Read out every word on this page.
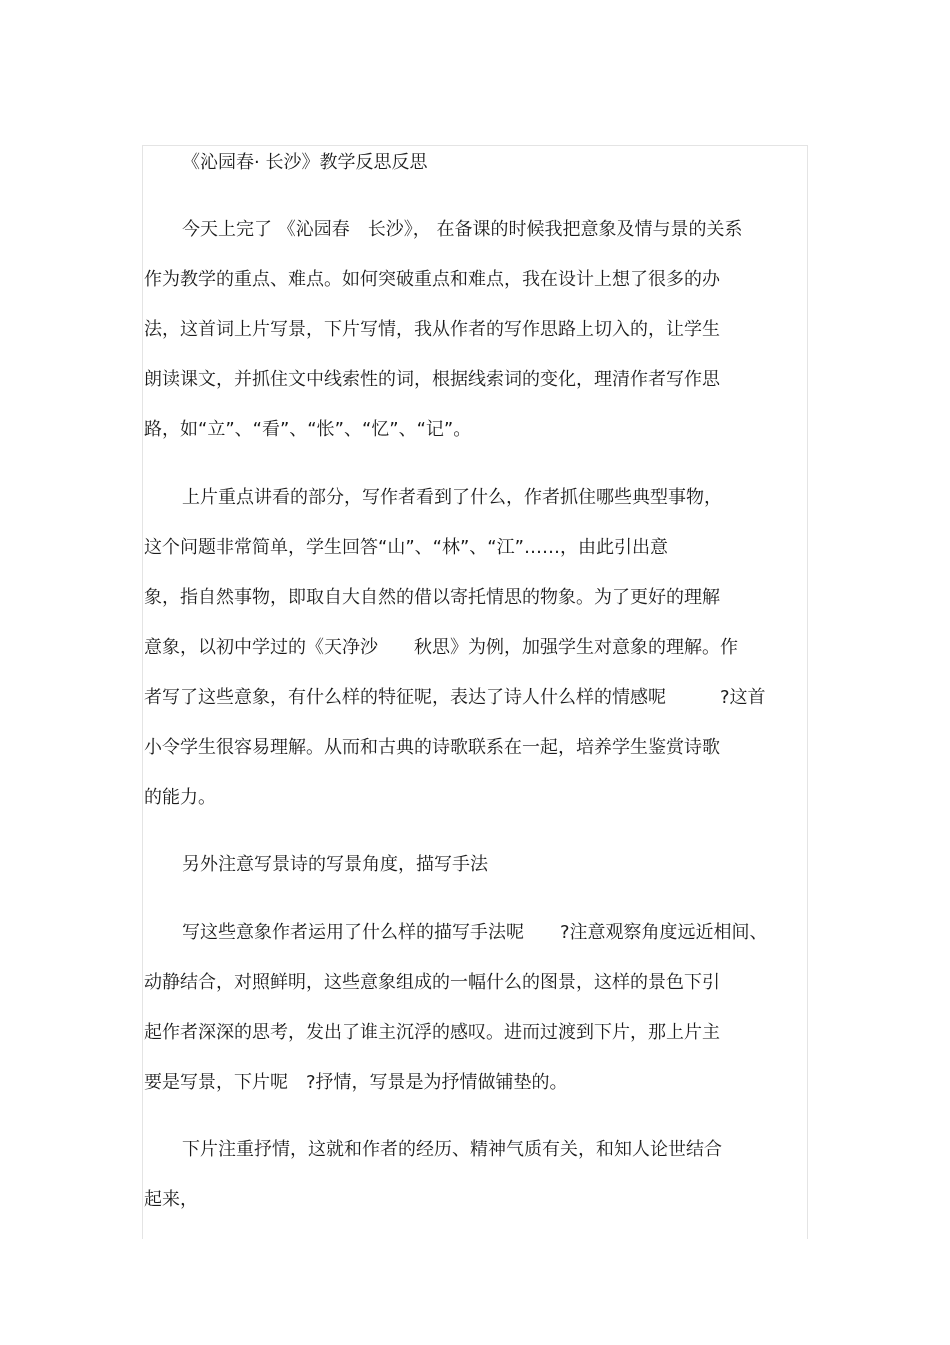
《沁园春· 长沙》教学反思反思
今天上完了 《沁园春　长沙》， 在备课的时候我把意象及情与景的关系
作为教学的重点、难点。如何突破重点和难点，我在设计上想了很多的办
法，这首词上片写景，下片写情，我从作者的写作思路上切入的，让学生
朗读课文，并抓住文中线索性的词，根据线索词的变化，理清作者写作思
路，如“立”、“看”、“怅”、“忆”、“记”。
上片重点讲看的部分，写作者看到了什么，作者抓住哪些典型事物，
这个问题非常简单，学生回答“山”、“林”、“江”……，由此引出意
象，指自然事物，即取自大自然的借以寄托情思的物象。为了更好的理解
意象，以初中学过的《天净沙　　秋思》为例，加强学生对意象的理解。作
者写了这些意象，有什么样的特征呢，表达了诗人什么样的情感呢　　　?这首
小令学生很容易理解。从而和古典的诗歌联系在一起，培养学生鉴赏诗歌
的能力。
另外注意写景诗的写景角度，描写手法
写这些意象作者运用了什么样的描写手法呢　　?注意观察角度远近相间、
动静结合，对照鲜明，这些意象组成的一幅什么的图景，这样的景色下引
起作者深深的思考，发出了谁主沉浮的感叹。进而过渡到下片，那上片主
要是写景，下片呢　?抒情，写景是为抒情做铺垫的。
下片注重抒情，这就和作者的经历、精神气质有关，和知人论世结合
起来，
